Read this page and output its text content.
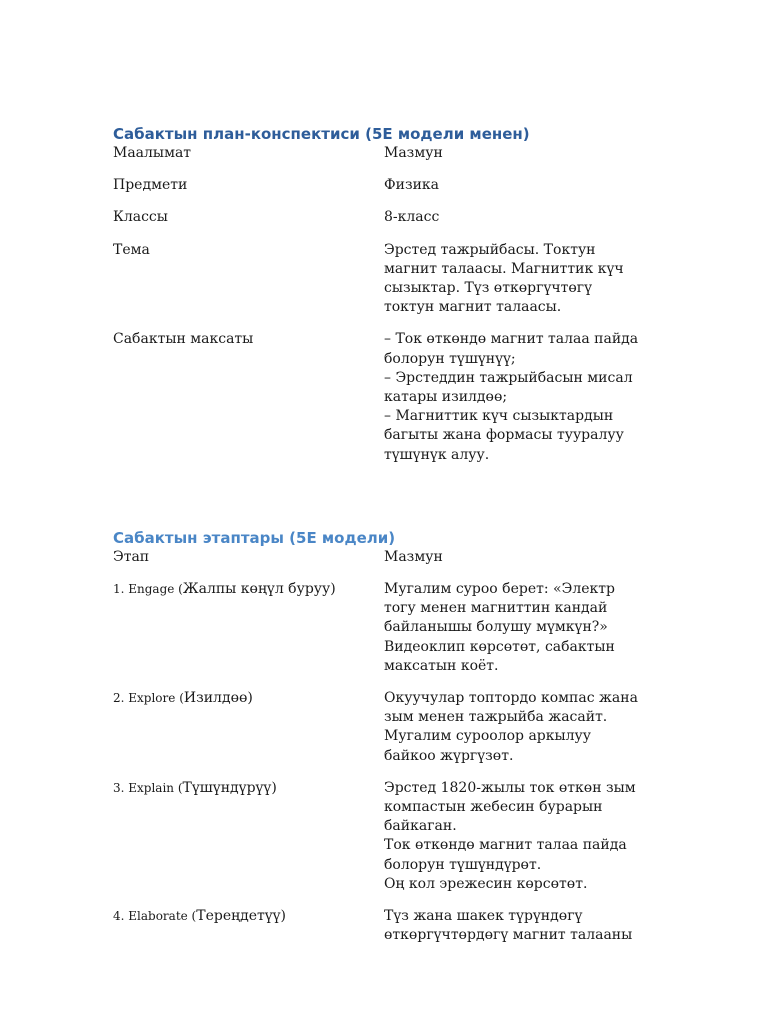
Сабактын план-конспектиси (5E модели менен)
Маалымат	Мазмун
Предмети	Физика
Классы	8-класс
Тема	Эрстед тажрыйбасы. Токтун магнит талаасы. Магниттик күч сызыктар. Түз өткөргүчтөгү токтун магнит талаасы.
Сабактын максаты	– Ток өткөндө магнит талаа пайда болорун түшүнүү;
– Эрстеддин тажрыйбасын мисал катары изилдөө;
– Магниттик күч сызыктардын багыты жана формасы тууралуу түшүнүк алуу.
Сабактын этаптары (5E модели)
Этап	Мазмун
1. Engage (Жалпы көңүл буруу)	Мугалим суроо берет: «Электр тогу менен магниттин кандай байланышы болушу мүмкүн?» Видеоклип көрсөтөт, сабактын максатын коёт.
2. Explore (Изилдөө)	Окуучулар топтордо компас жана зым менен тажрыйба жасайт. Мугалим суроолор аркылуу байкоо жүргүзөт.
3. Explain (Түшүндүрүү)	Эрстед 1820-жылы ток өткөн зым компастын жебесин бурарын байкаган.
Ток өткөндө магнит талаа пайда болорун түшүндүрөт.
Оң кол эрежесин көрсөтөт.

4. Elaborate (Тереңдетүү)	Түз жана шакек түрүндөгү өткөргүчтөрдөгү магнит талааны
